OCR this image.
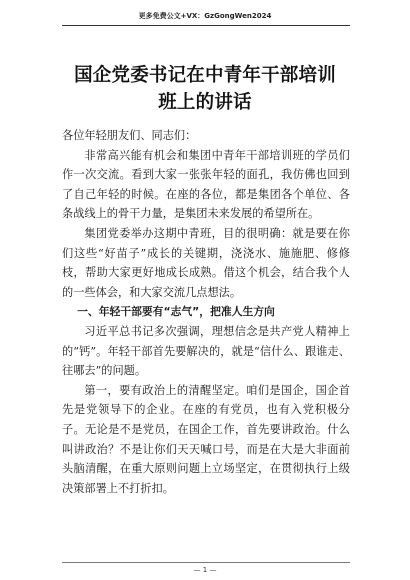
更多免费公文+VX：GzGongWen2024
国企党委书记在中青年干部培训班上的讲话

各位年轻朋友们、同志们：

非常高兴能有机会和集团中青年干部培训班的学员们作一次交流。看到大家一张张年轻的面孔，我仿佛也回到了自己年轻的时候。在座的各位，都是集团各个单位、各条战线上的骨干力量，是集团未来发展的希望所在。

集团党委举办这期中青班，目的很明确：就是要在你们这些“好苗子”成长的关键期，浇浇水、施施肥、修修枝，帮助大家更好地成长成熟。借这个机会，结合我个人的一些体会，和大家交流几点想法。

一、年轻干部要有“志气”，把准人生方向

习近平总书记多次强调，理想信念是共产党人精神上的“钙”。年轻干部首先要解决的，就是“信什么、跟谁走、往哪去”的问题。

第一，要有政治上的清醒坚定。咱们是国企，国企首先是党领导下的企业。在座的有党员，也有入党积极分子。无论是不是党员，在国企工作，首先要讲政治。什么叫讲政治？不是让你们天天喊口号，而是在大是大非面前头脑清醒，在重大原则问题上立场坚定，在贯彻执行上级决策部署上不打折扣。

— 1 —
